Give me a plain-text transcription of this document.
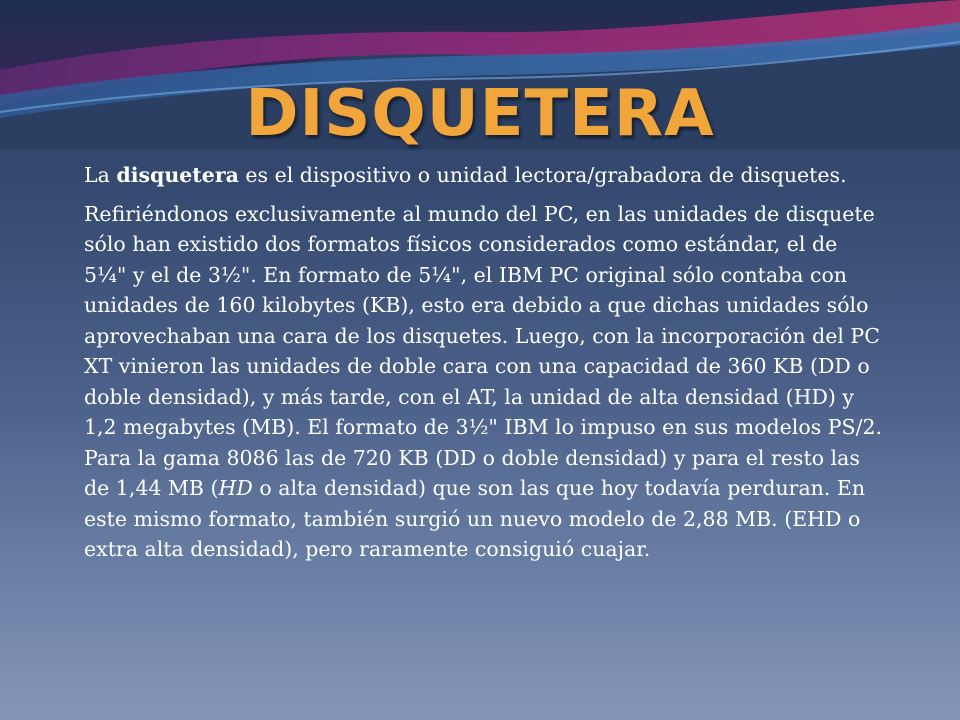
DISQUETERA

La disquetera es el dispositivo o unidad lectora/grabadora de disquetes.

Refiriéndonos exclusivamente al mundo del PC, en las unidades de disquete sólo han existido dos formatos físicos considerados como estándar, el de 5¼" y el de 3½". En formato de 5¼", el IBM PC original sólo contaba con unidades de 160 kilobytes (KB), esto era debido a que dichas unidades sólo aprovechaban una cara de los disquetes. Luego, con la incorporación del PC XT vinieron las unidades de doble cara con una capacidad de 360 KB (DD o doble densidad), y más tarde, con el AT, la unidad de alta densidad (HD) y 1,2 megabytes (MB). El formato de 3½" IBM lo impuso en sus modelos PS/2. Para la gama 8086 las de 720 KB (DD o doble densidad) y para el resto las de 1,44 MB (HD o alta densidad) que son las que hoy todavía perduran. En este mismo formato, también surgió un nuevo modelo de 2,88 MB. (EHD o extra alta densidad), pero raramente consiguió cuajar.
